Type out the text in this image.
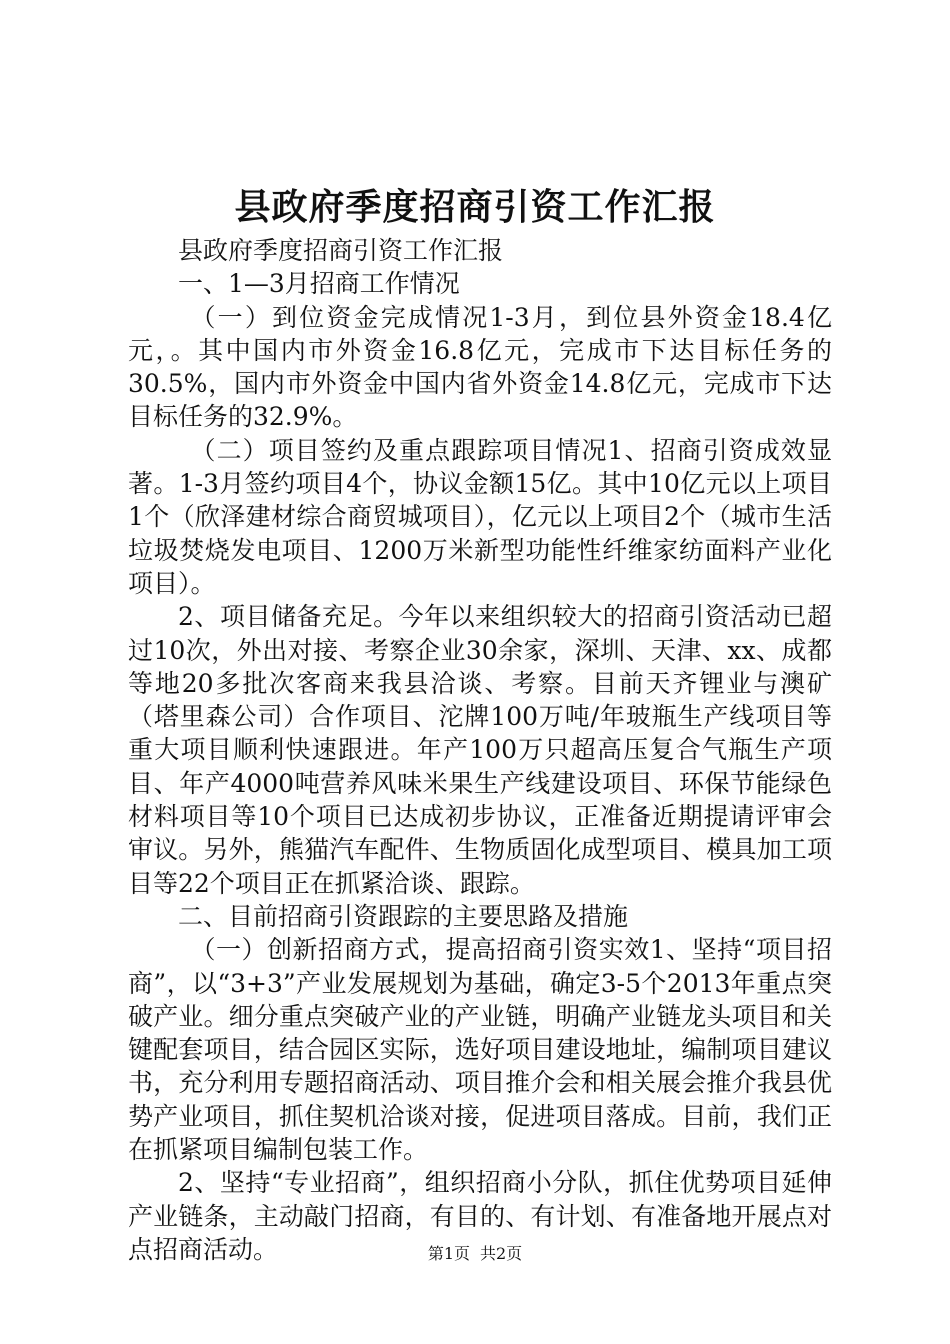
县政府季度招商引资工作汇报

县政府季度招商引资工作汇报

一、1—3月招商工作情况

（一）到位资金完成情况1-3月，到位县外资金18.4亿元，。其中国内市外资金16.8亿元，完成市下达目标任务的30.5%，国内市外资金中国内省外资金14.8亿元，完成市下达目标任务的32.9%。

（二）项目签约及重点跟踪项目情况1、招商引资成效显著。1-3月签约项目4个，协议金额15亿。其中10亿元以上项目1个（欣泽建材综合商贸城项目），亿元以上项目2个（城市生活垃圾焚烧发电项目、1200万米新型功能性纤维家纺面料产业化项目）。

2、项目储备充足。今年以来组织较大的招商引资活动已超过10次，外出对接、考察企业30余家，深圳、天津、xx、成都等地20多批次客商来我县洽谈、考察。目前天齐锂业与澳矿（塔里森公司）合作项目、沱牌100万吨/年玻瓶生产线项目等重大项目顺利快速跟进。年产100万只超高压复合气瓶生产项目、年产4000吨营养风味米果生产线建设项目、环保节能绿色材料项目等10个项目已达成初步协议，正准备近期提请评审会审议。另外，熊猫汽车配件、生物质固化成型项目、模具加工项目等22个项目正在抓紧洽谈、跟踪。

二、目前招商引资跟踪的主要思路及措施

（一）创新招商方式，提高招商引资实效1、坚持“项目招商”，以“3+3”产业发展规划为基础，确定3-5个2013年重点突破产业。细分重点突破产业的产业链，明确产业链龙头项目和关键配套项目，结合园区实际，选好项目建设地址，编制项目建议书，充分利用专题招商活动、项目推介会和相关展会推介我县优势产业项目，抓住契机洽谈对接，促进项目落成。目前，我们正在抓紧项目编制包装工作。

2、坚持“专业招商”，组织招商小分队，抓住优势项目延伸产业链条，主动敲门招商，有目的、有计划、有准备地开展点对点招商活动。	第1页 共2页
